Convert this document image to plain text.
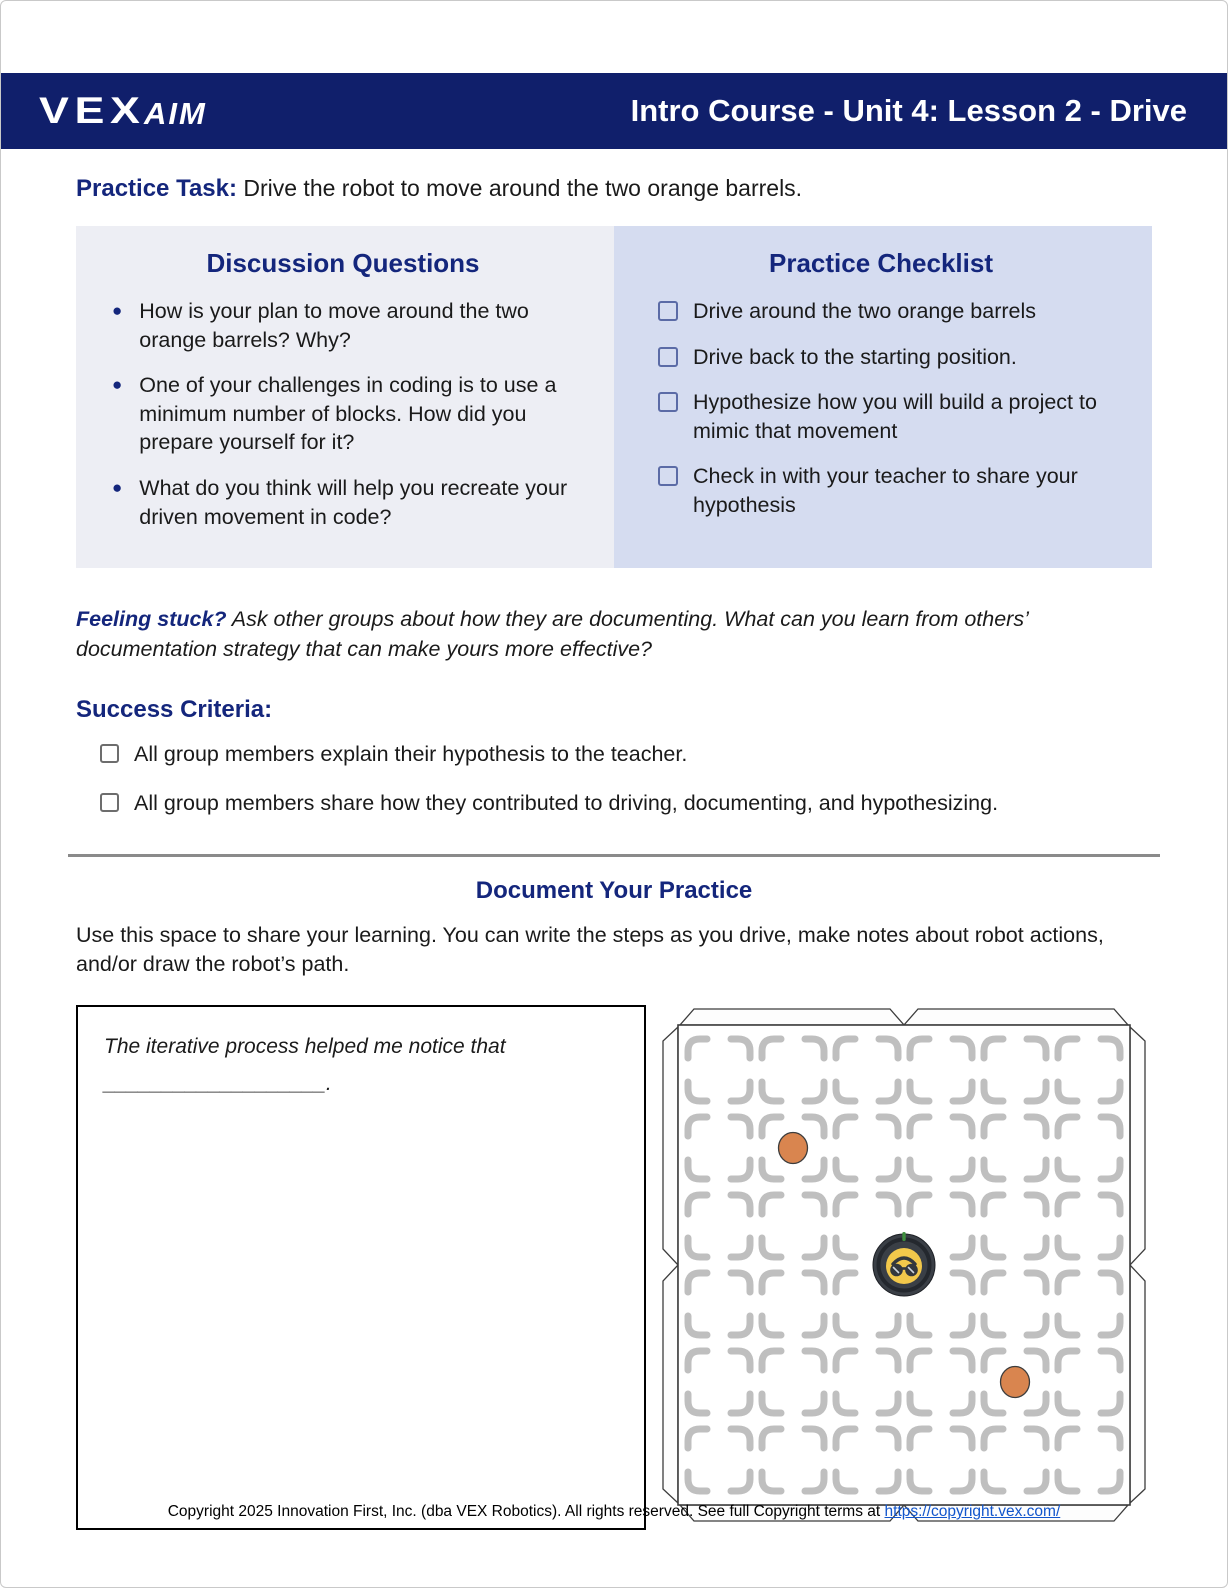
VEX
AIM	Intro Course - Unit 4: Lesson 2 - Drive

Practice Task: Drive the robot to move around the two orange barrels.

Discussion Questions
●
How is your plan to move around the two orange barrels? Why?
●
One of your challenges in coding is to use a minimum number of blocks. How did you prepare yourself for it?
●
What do you think will help you recreate your driven movement in code?
Practice Checklist
Drive around the two orange barrels
Drive back to the starting position.
Hypothesize how you will build a project to mimic that movement
Check in with your teacher to share your hypothesis

Feeling stuck? Ask other groups about how they are documenting. What can you learn from others’ documentation strategy that can make yours more effective?

Success Criteria:
All group members explain their hypothesis to the teacher.
All group members share how they contributed to driving, documenting, and hypothesizing.
Document Your Practice

Use this space to share your learning. You can write the steps as you drive, make notes about robot actions, and/or draw the robot’s path.

The iterative process helped me notice that
___________________.

Copyright 2025 Innovation First, Inc. (dba VEX Robotics). All rights reserved. See full Copyright terms at https://copyright.vex.com/
